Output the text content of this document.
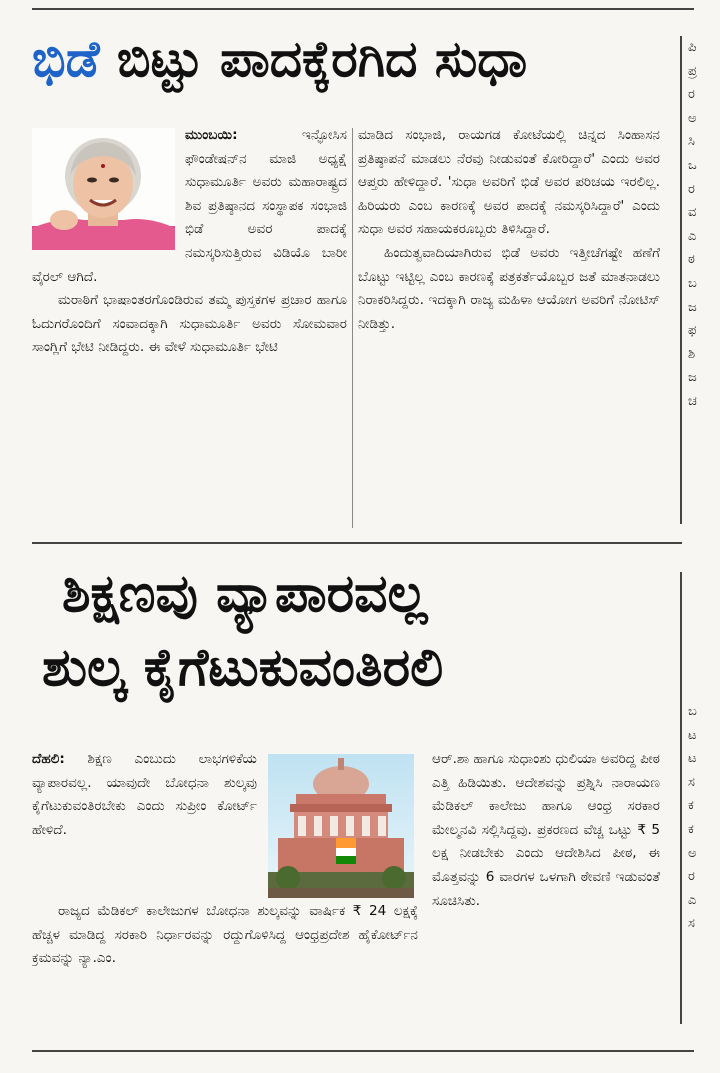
ಭಿಡೆ ಬಿಟ್ಟು ಪಾದಕ್ಕೆರಗಿದ ಸುಧಾ

ಮುಂಬಯಿ:	ಇನ್ಫೋಸಿಸ ಫೌಂಡೇಷನ್‌ನ ಮಾಜಿ ಅಧ್ಯಕ್ಷೆ ಸುಧಾಮೂರ್ತಿ ಅವರು ಮಹಾರಾಷ್ಟ್ರದ ಶಿವ ಪ್ರತಿಷ್ಠಾನದ ಸಂಸ್ಥಾಪಕ ಸಂಭಾಜಿ ಭಿಡೆ ಅವರ ಪಾದಕ್ಕೆ ನಮಸ್ಕರಿಸುತ್ತಿರುವ ವಿಡಿಯೊ ಬಾರೀ ವೈರಲ್ ಆಗಿದೆ.

ಮರಾಠಿಗೆ ಭಾಷಾಂತರಗೊಂಡಿರುವ ತಮ್ಮ ಪುಸ್ತಕಗಳ ಪ್ರಚಾರ ಹಾಗೂ ಓದುಗರೊಂದಿಗೆ ಸಂವಾದಕ್ಕಾಗಿ ಸುಧಾಮೂರ್ತಿ ಅವರು ಸೋಮವಾರ ಸಾಂಗ್ಲಿಗೆ ಭೇಟಿ ನೀಡಿದ್ದರು. ಈ ವೇಳೆ ಸುಧಾಮೂರ್ತಿ ಭೇಟಿ

ಮಾಡಿದ ಸಂಭಾಜಿ, ರಾಯಗಡ ಕೋಟೆಯಲ್ಲಿ ಚಿನ್ನದ ಸಿಂಹಾಸನ ಪ್ರತಿಷ್ಠಾಪನೆ ಮಾಡಲು ನೆರವು ನೀಡುವಂತೆ ಕೋರಿದ್ದಾರೆ' ಎಂದು ಅವರ ಆಪ್ತರು ಹೇಳಿದ್ದಾರೆ. 'ಸುಧಾ ಅವರಿಗೆ ಭಿಡೆ ಅವರ ಪರಿಚಯ ಇರಲಿಲ್ಲ. ಹಿರಿಯರು ಎಂಬ ಕಾರಣಕ್ಕೆ ಅವರ ಪಾದಕ್ಕೆ ನಮಸ್ಕರಿಸಿದ್ದಾರೆ' ಎಂದು ಸುಧಾ ಅವರ ಸಹಾಯಕರೂಬ್ಬರು ತಿಳಿಸಿದ್ದಾರೆ.

ಹಿಂದುತ್ವವಾದಿಯಾಗಿರುವ ಭಿಡೆ ಅವರು ಇತ್ತೀಚೆಗಷ್ಟೇ ಹಣೆಗೆ ಬೊಟ್ಟು ಇಟ್ಟಿಲ್ಲ ಎಂಬ ಕಾರಣಕ್ಕೆ ಪತ್ರಕರ್ತೆಯೊಬ್ಬರ ಜತೆ ಮಾತನಾಡಲು ನಿರಾಕರಿಸಿದ್ದರು. ಇದಕ್ಕಾಗಿ ರಾಜ್ಯ ಮಹಿಳಾ ಆಯೋಗ ಅವರಿಗೆ ನೋಟಿಸ್ ನೀಡಿತ್ತು.

ಪಿ
ಪ್ರ
ರ
ಅ
ಸಿ
ಒ
ರ
ವ
ಎ
ಠ
ಬ
ಜ
ಫ
ಶಿ
ಜ
ಚ
ಶಿಕ್ಷಣವು ವ್ಯಾಪಾರವಲ್ಲ
ಶುಲ್ಕ ಕೈಗೆಟುಕುವಂತಿರಲಿ

ದೆಹಲಿ: ಶಿಕ್ಷಣ ಎಂಬುದು ಲಾಭಗಳಿಕೆಯ ವ್ಯಾಪಾರವಲ್ಲ. ಯಾವುದೇ ಬೋಧನಾ ಶುಲ್ಕವು ಕೈಗೆಟುಕುವಂತಿರಬೇಕು ಎಂದು ಸುಪ್ರೀಂ ಕೋರ್ಟ್ ಹೇಳಿದೆ.

ರಾಜ್ಯದ ಮೆಡಿಕಲ್ ಕಾಲೇಜುಗಳ ಬೋಧನಾ ಶುಲ್ಕವನ್ನು ವಾರ್ಷಿಕ ₹ 24 ಲಕ್ಷಕ್ಕೆ ಹೆಚ್ಚಳ ಮಾಡಿದ್ದ ಸರಕಾರಿ ನಿರ್ಧಾರವನ್ನು ರದ್ದುಗೊಳಿಸಿದ್ದ ಆಂಧ್ರಪ್ರದೇಶ ಹೈಕೋರ್ಟ್‌ನ ಕ್ರಮವನ್ನು ನ್ಯಾ.ಎಂ.

ಆರ್.ಶಾ ಹಾಗೂ ಸುಧಾಂಶು ಧುಲಿಯಾ ಅವರಿದ್ದ ಪೀಠ ಎತ್ತಿ ಹಿಡಿಯಿತು. ಆದೇಶವನ್ನು ಪ್ರಶ್ನಿಸಿ ನಾರಾಯಣ ಮೆಡಿಕಲ್ ಕಾಲೇಜು ಹಾಗೂ ಆಂಧ್ರ ಸರಕಾರ ಮೇಲ್ಮನವಿ ಸಲ್ಲಿಸಿದ್ದವು. ಪ್ರಕರಣದ ವೆಚ್ಚ ಒಟ್ಟು ₹ 5 ಲಕ್ಷ ನೀಡಬೇಕು ಎಂದು ಆದೇಶಿಸಿದ ಪೀಠ, ಈ ಮೊತ್ತವನ್ನು 6 ವಾರಗಳ ಒಳಗಾಗಿ ಠೇವಣಿ ಇಡುವಂತೆ ಸೂಚಿಸಿತು.

ಬ
ಟ
ಟ
ಸ
ಕ
ಕ
ಅ
ರ
ಎ
ಸ
